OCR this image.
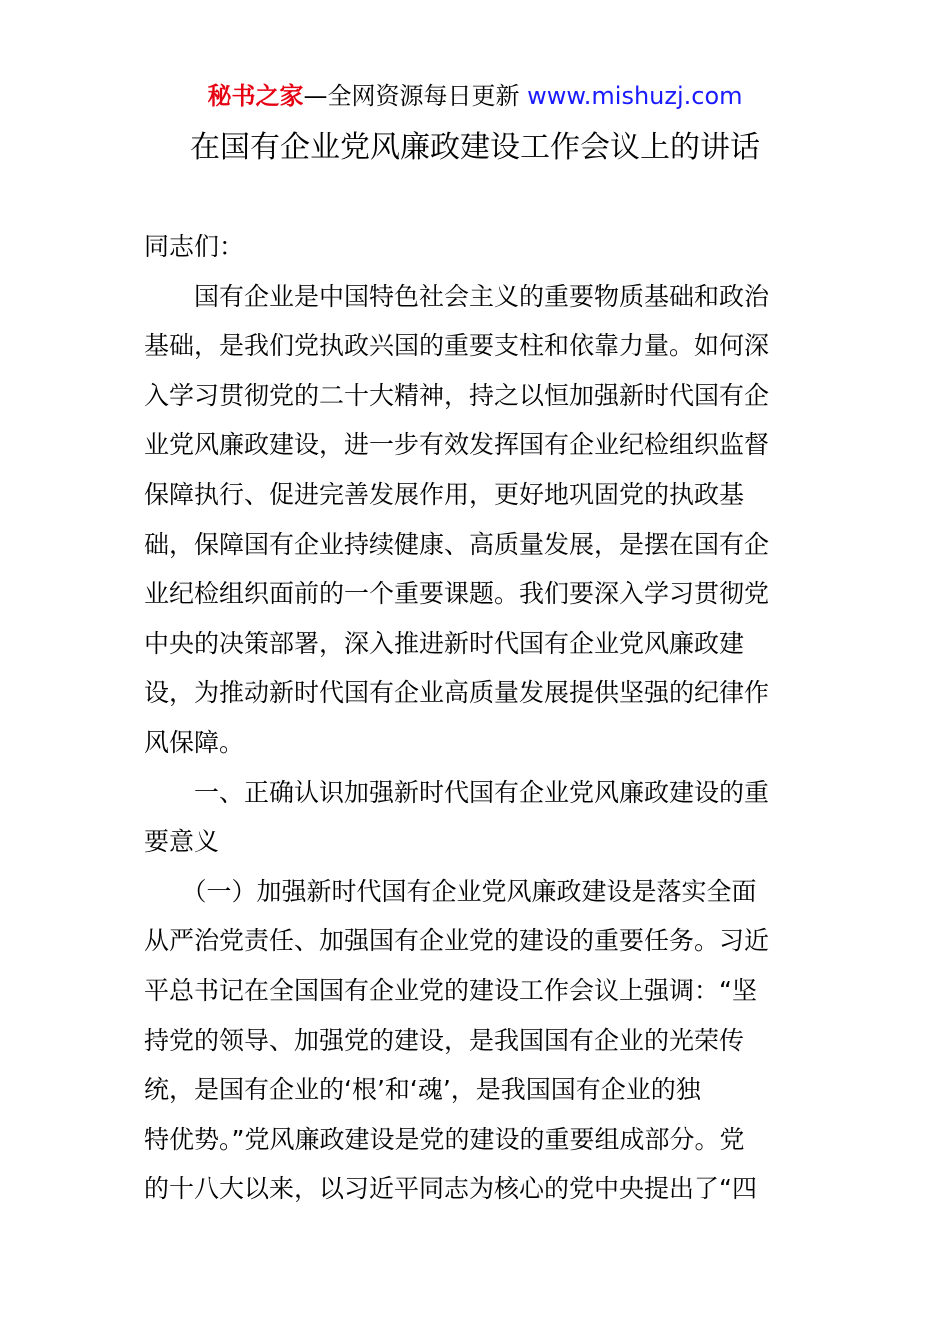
秘书之家—全网资源每日更新 www.mishuzj.com
在国有企业党风廉政建设工作会议上的讲话
同志们：
　　国有企业是中国特色社会主义的重要物质基础和政治
基础，是我们党执政兴国的重要支柱和依靠力量。如何深
入学习贯彻党的二十大精神，持之以恒加强新时代国有企
业党风廉政建设，进一步有效发挥国有企业纪检组织监督
保障执行、促进完善发展作用，更好地巩固党的执政基
础，保障国有企业持续健康、高质量发展，是摆在国有企
业纪检组织面前的一个重要课题。我们要深入学习贯彻党
中央的决策部署，深入推进新时代国有企业党风廉政建
设，为推动新时代国有企业高质量发展提供坚强的纪律作
风保障。
　　一、正确认识加强新时代国有企业党风廉政建设的重
要意义
　　（一）加强新时代国有企业党风廉政建设是落实全面
从严治党责任、加强国有企业党的建设的重要任务。习近
平总书记在全国国有企业党的建设工作会议上强调：“坚
持党的领导、加强党的建设，是我国国有企业的光荣传
统，是国有企业的‘根’和‘魂’，是我国国有企业的独
特优势。”党风廉政建设是党的建设的重要组成部分。党
的十八大以来，以习近平同志为核心的党中央提出了“四
